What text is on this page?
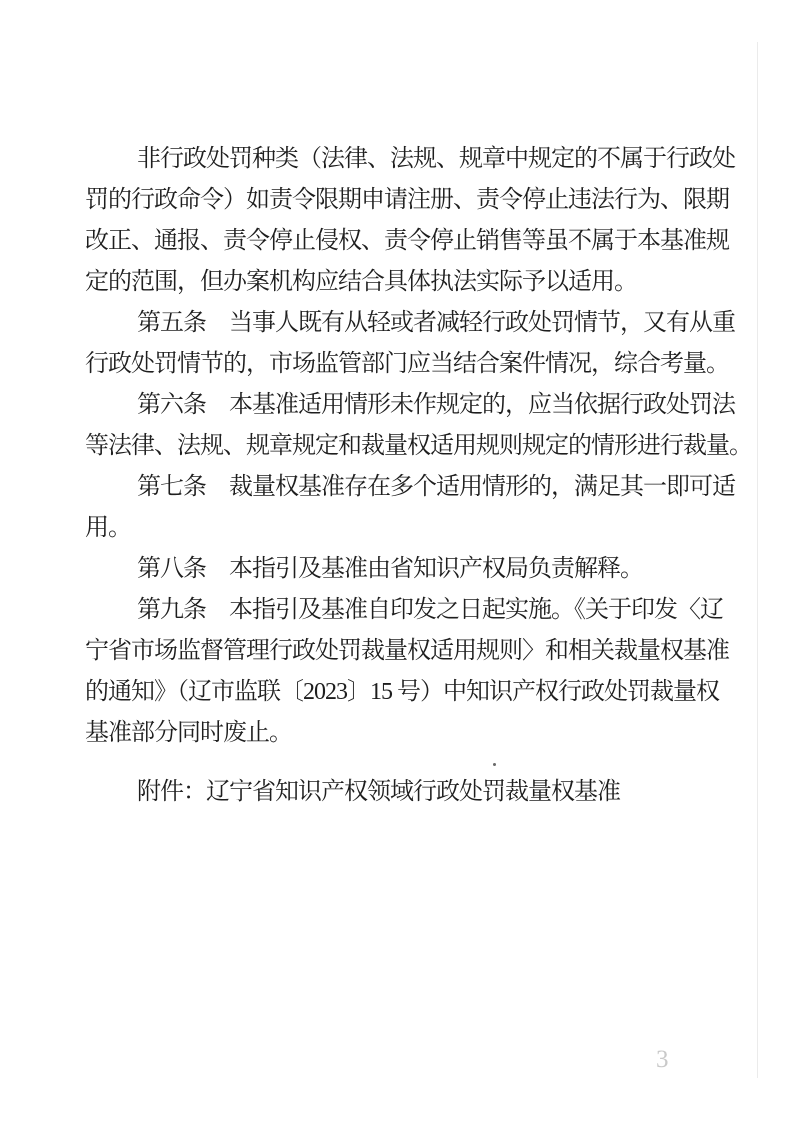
非行政处罚种类（法律、法规、规章中规定的不属于行政处
罚的行政命令）如责令限期申请注册、责令停止违法行为、限期
改正、通报、责令停止侵权、责令停止销售等虽不属于本基准规
定的范围，但办案机构应结合具体执法实际予以适用。
第五条　当事人既有从轻或者减轻行政处罚情节，又有从重
行政处罚情节的，市场监管部门应当结合案件情况，综合考量。
第六条　本基准适用情形未作规定的，应当依据行政处罚法
等法律、法规、规章规定和裁量权适用规则规定的情形进行裁量。
第七条　裁量权基准存在多个适用情形的，满足其一即可适
用。
第八条　本指引及基准由省知识产权局负责解释。
第九条　本指引及基准自印发之日起实施。《关于印发〈辽
宁省市场监督管理行政处罚裁量权适用规则〉和相关裁量权基准
的通知》（辽市监联〔2023〕15 号）中知识产权行政处罚裁量权
基准部分同时废止。
附件：辽宁省知识产权领域行政处罚裁量权基准
3
